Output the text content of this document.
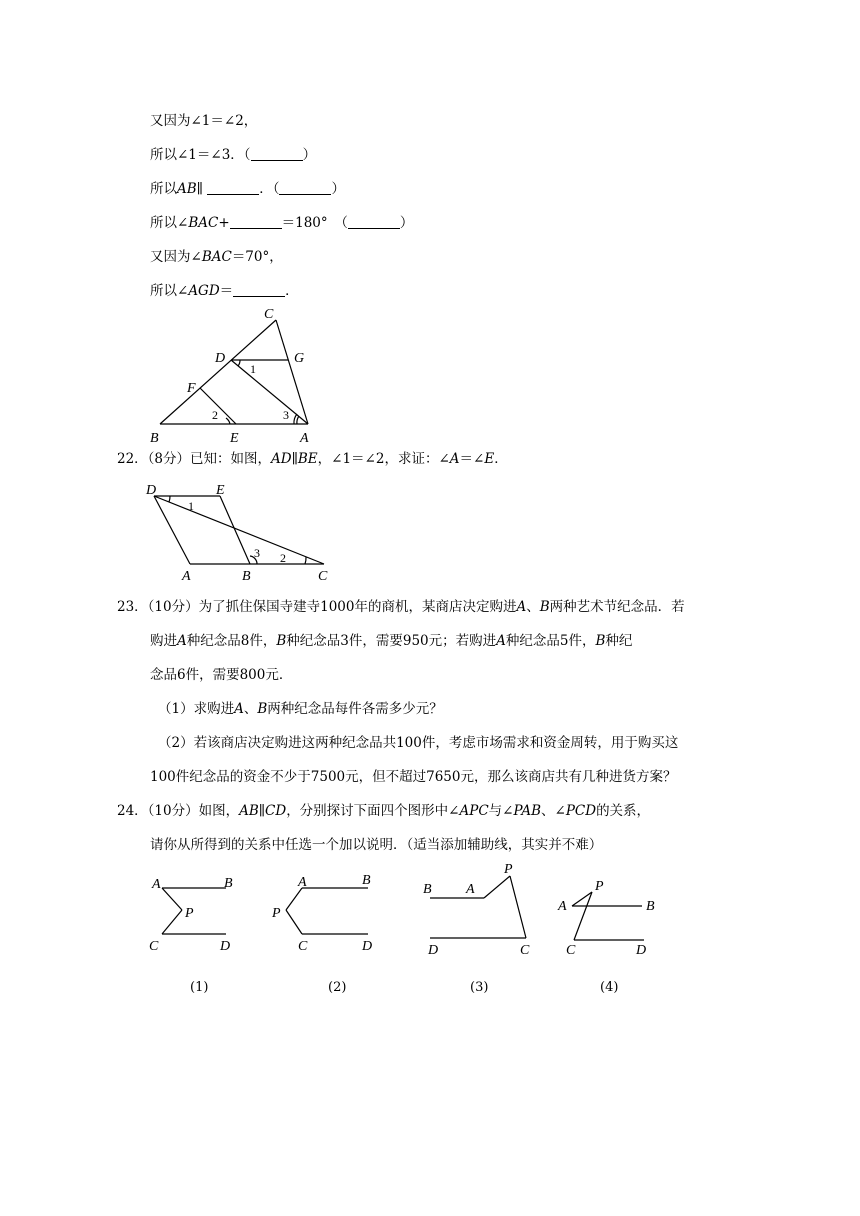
又因为∠1＝∠2，
所以∠1＝∠3．（	）
所以AB∥	．（	）
所以∠BAC+	＝180°　（	）
又因为∠BAC＝70°，
所以∠AGD＝	．
C
D	G
F
B	E	A
1
2	3
22．（8分）已知：如图，AD∥BE，∠1＝∠2，求证：∠A＝∠E．
D	E
A	B	C
1
3 2
23．（10分）为了抓住保国寺建寺1000年的商机，某商店决定购进A、B两种艺术节纪念品．若
购进A种纪念品8件，B种纪念品3件，需要950元；若购进A种纪念品5件，B种纪
念品6件，需要800元．
（1）求购进A、B两种纪念品每件各需多少元？
（2）若该商店决定购进这两种纪念品共100件，考虑市场需求和资金周转，用于购买这
100件纪念品的资金不少于7500元，但不超过7650元，那么该商店共有几种进货方案？
24．（10分）如图，AB∥CD，分别探讨下面四个图形中∠APC与∠PAB、∠PCD的关系，
请你从所得到的关系中任选一个加以说明．（适当添加辅助线，其实并不难）
A	B
P
C	D
A	B
P
C	D
B A
P
D	C
A
P
B
C	D
(1)	(2)	(3)	(4)
